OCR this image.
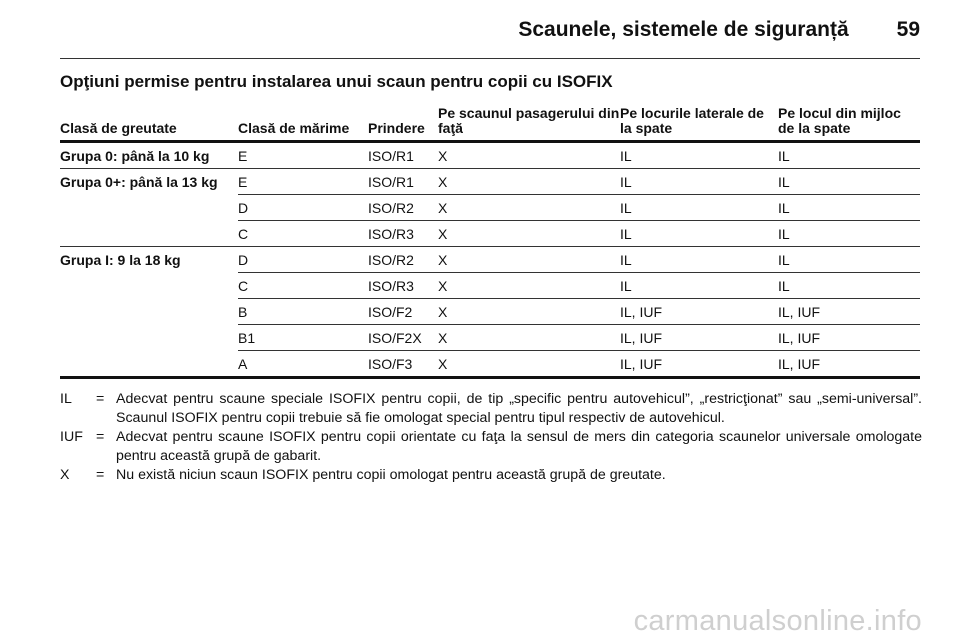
Scaunele, sistemele de siguranță 59
Opţiuni permise pentru instalarea unui scaun pentru copii cu ISOFIX
Clasă de greutate	Clasă de mărime	Prindere	Pe scaunul pasagerului din faţă	Pe locurile laterale de la spate	Pe locul din mijloc de la spate
Grupa 0: până la 10 kg	E	ISO/R1	X	IL	IL
Grupa 0+: până la 13 kg	E	ISO/R1	X	IL	IL
	D	ISO/R2	X	IL	IL
	C	ISO/R3	X	IL	IL
Grupa I: 9 la 18 kg	D	ISO/R2	X	IL	IL
	C	ISO/R3	X	IL	IL
	B	ISO/F2	X	IL, IUF	IL, IUF
	B1	ISO/F2X	X	IL, IUF	IL, IUF
	A	ISO/F3	X	IL, IUF	IL, IUF
IL	= Adecvat pentru scaune speciale ISOFIX pentru copii, de tip „specific pentru autovehicul”, „restricţionat” sau „semi-universal”. Scaunul ISOFIX pentru copii trebuie să fie omologat special pentru tipul respectiv de autovehicul.
IUF = Adecvat pentru scaune ISOFIX pentru copii orientate cu faţa la sensul de mers din categoria scaunelor universale omologate pentru această grupă de gabarit.
X	= Nu există niciun scaun ISOFIX pentru copii omologat pentru această grupă de greutate.
carmanualsonline.info
